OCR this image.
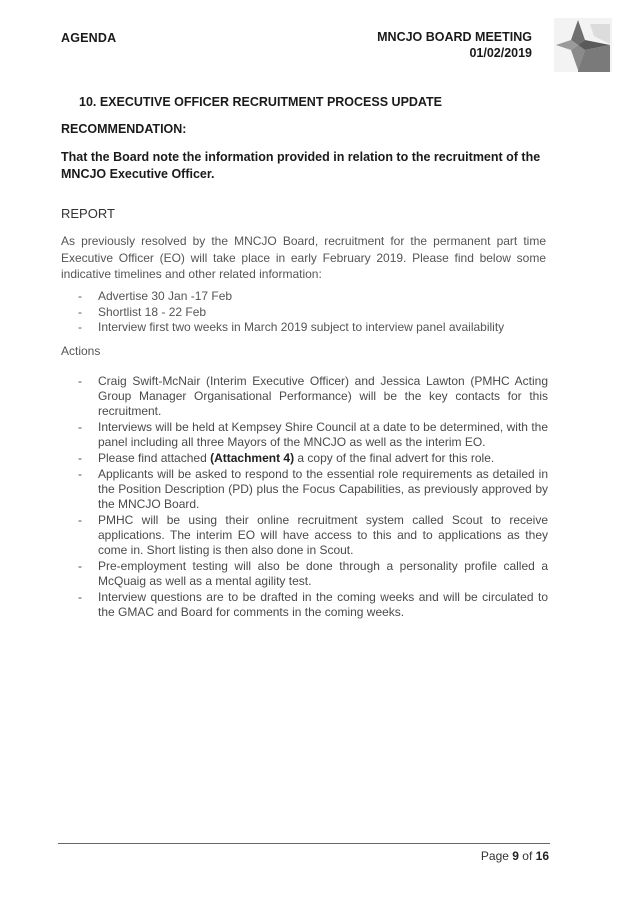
AGENDA	MNCJO BOARD MEETING
01/02/2019
10. EXECUTIVE OFFICER RECRUITMENT PROCESS UPDATE
RECOMMENDATION:
That the Board note the information provided in relation to the recruitment of the MNCJO Executive Officer.
REPORT
As previously resolved by the MNCJO Board, recruitment for the permanent part time Executive Officer (EO) will take place in early February 2019. Please find below some indicative timelines and other related information:
- Advertise 30 Jan -17 Feb
- Shortlist 18 - 22 Feb
- Interview first two weeks in March 2019 subject to interview panel availability
Actions
- Craig Swift-McNair (Interim Executive Officer) and Jessica Lawton (PMHC Acting Group Manager Organisational Performance) will be the key contacts for this recruitment.
- Interviews will be held at Kempsey Shire Council at a date to be determined, with the panel including all three Mayors of the MNCJO as well as the interim EO.
- Please find attached (Attachment 4) a copy of the final advert for this role.
- Applicants will be asked to respond to the essential role requirements as detailed in the Position Description (PD) plus the Focus Capabilities, as previously approved by the MNCJO Board.
- PMHC will be using their online recruitment system called Scout to receive applications. The interim EO will have access to this and to applications as they come in. Short listing is then also done in Scout.
- Pre-employment testing will also be done through a personality profile called a McQuaig as well as a mental agility test.
- Interview questions are to be drafted in the coming weeks and will be circulated to the GMAC and Board for comments in the coming weeks.
Page 9 of 16
